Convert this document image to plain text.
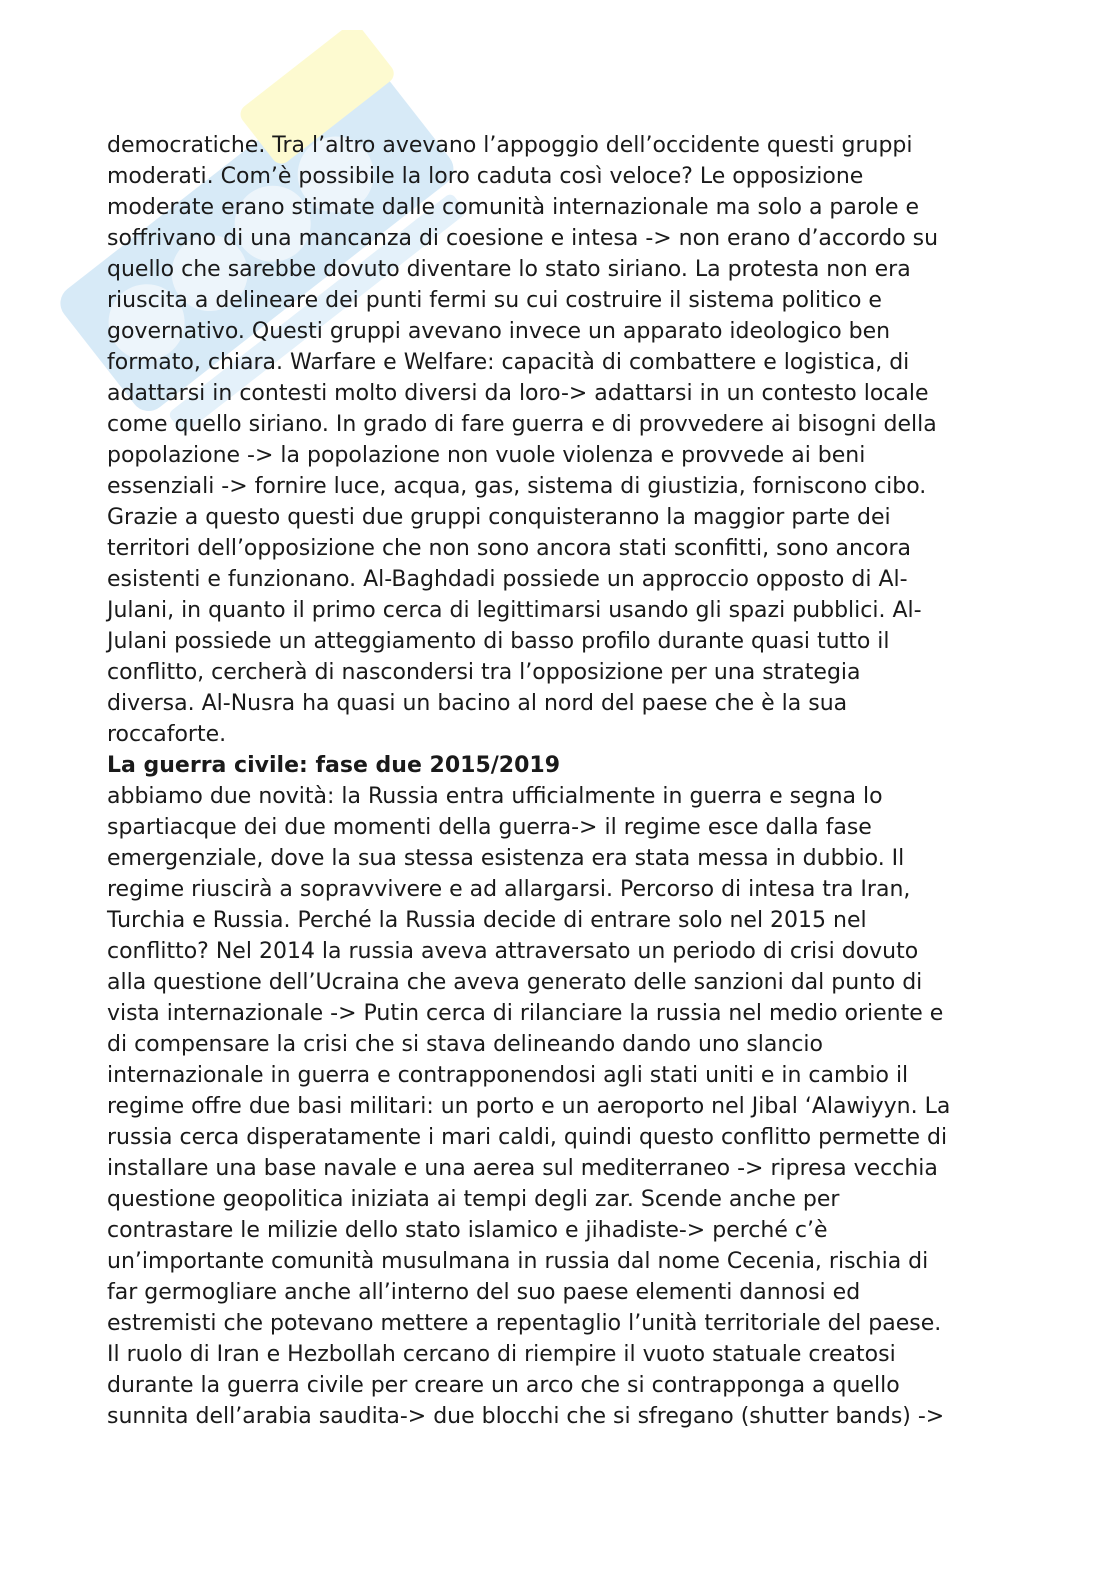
democratiche. Tra l’altro avevano l’appoggio dell’occidente questi gruppi
moderati. Com’è possibile la loro caduta così veloce? Le opposizione
moderate erano stimate dalle comunità internazionale ma solo a parole e
soffrivano di una mancanza di coesione e intesa -> non erano d’accordo su
quello che sarebbe dovuto diventare lo stato siriano. La protesta non era
riuscita a delineare dei punti fermi su cui costruire il sistema politico e
governativo. Questi gruppi avevano invece un apparato ideologico ben
formato, chiara. Warfare e Welfare: capacità di combattere e logistica, di
adattarsi in contesti molto diversi da loro-> adattarsi in un contesto locale
come quello siriano. In grado di fare guerra e di provvedere ai bisogni della
popolazione -> la popolazione non vuole violenza e provvede ai beni
essenziali -> fornire luce, acqua, gas, sistema di giustizia, forniscono cibo.
Grazie a questo questi due gruppi conquisteranno la maggior parte dei
territori dell’opposizione che non sono ancora stati sconfitti, sono ancora
esistenti e funzionano. Al-Baghdadi possiede un approccio opposto di Al-
Julani, in quanto il primo cerca di legittimarsi usando gli spazi pubblici. Al-
Julani possiede un atteggiamento di basso profilo durante quasi tutto il
conflitto, cercherà di nascondersi tra l’opposizione per una strategia
diversa. Al-Nusra ha quasi un bacino al nord del paese che è la sua
roccaforte.

La guerra civile: fase due 2015/2019

abbiamo due novità: la Russia entra ufficialmente in guerra e segna lo
spartiacque dei due momenti della guerra-> il regime esce dalla fase
emergenziale, dove la sua stessa esistenza era stata messa in dubbio. Il
regime riuscirà a sopravvivere e ad allargarsi. Percorso di intesa tra Iran,
Turchia e Russia. Perché la Russia decide di entrare solo nel 2015 nel
conflitto? Nel 2014 la russia aveva attraversato un periodo di crisi dovuto
alla questione dell’Ucraina che aveva generato delle sanzioni dal punto di
vista internazionale -> Putin cerca di rilanciare la russia nel medio oriente e
di compensare la crisi che si stava delineando dando uno slancio
internazionale in guerra e contrapponendosi agli stati uniti e in cambio il
regime offre due basi militari: un porto e un aeroporto nel Jibal ‘Alawiyyn. La
russia cerca disperatamente i mari caldi, quindi questo conflitto permette di
installare una base navale e una aerea sul mediterraneo -> ripresa vecchia
questione geopolitica iniziata ai tempi degli zar. Scende anche per
contrastare le milizie dello stato islamico e jihadiste-> perché c’è
un’importante comunità musulmana in russia dal nome Cecenia, rischia di
far germogliare anche all’interno del suo paese elementi dannosi ed
estremisti che potevano mettere a repentaglio l’unità territoriale del paese.
Il ruolo di Iran e Hezbollah cercano di riempire il vuoto statuale creatosi
durante la guerra civile per creare un arco che si contrapponga a quello
sunnita dell’arabia saudita-> due blocchi che si sfregano (shutter bands) ->
